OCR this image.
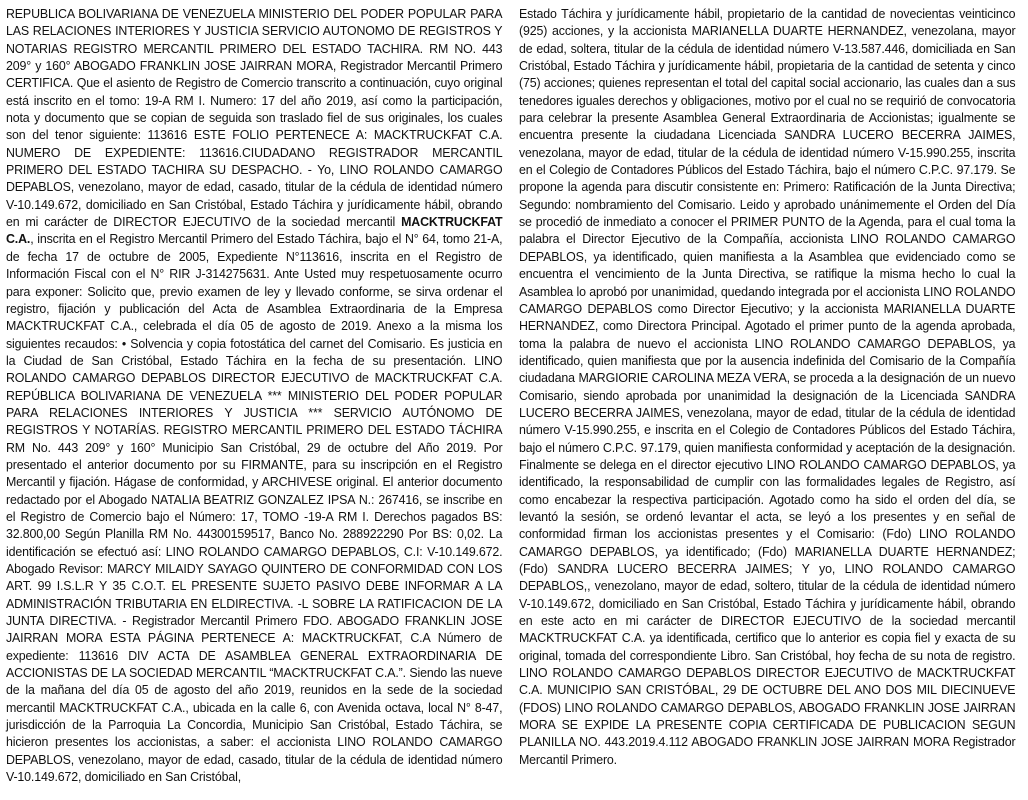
REPUBLICA BOLIVARIANA DE VENEZUELA MINISTERIO DEL PODER POPULAR PARA LAS RELACIONES INTERIORES Y JUSTICIA SERVICIO AUTONOMO DE REGISTROS Y NOTARIAS REGISTRO MERCANTIL PRIMERO DEL ESTADO TACHIRA. RM NO. 443 209° y 160° ABOGADO FRANKLIN JOSE JAIRRAN MORA, Registrador Mercantil Primero CERTIFICA. Que el asiento de Registro de Comercio transcrito a continuación, cuyo original está inscrito en el tomo: 19-A RM I. Numero: 17 del año 2019, así como la participación, nota y documento que se copian de seguida son traslado fiel de sus originales, los cuales son del tenor siguiente: 113616 ESTE FOLIO PERTENECE A: MACKTRUCKFAT C.A. NUMERO DE EXPEDIENTE: 113616.CIUDADANO REGISTRADOR MERCANTIL PRIMERO DEL ESTADO TACHIRA SU DESPACHO. - Yo, LINO ROLANDO CAMARGO DEPABLOS, venezolano, mayor de edad, casado, titular de la cédula de identidad número V-10.149.672, domiciliado en San Cristóbal, Estado Táchira y jurídicamente hábil, obrando en mi carácter de DIRECTOR EJECUTIVO de la sociedad mercantil MACKTRUCKFAT C.A., inscrita en el Registro Mercantil Primero del Estado Táchira, bajo el N° 64, tomo 21-A, de fecha 17 de octubre de 2005, Expediente N°113616, inscrita en el Registro de Información Fiscal con el N° RIR J-314275631. Ante Usted muy respetuosamente ocurro para exponer: Solicito que, previo examen de ley y llevado conforme, se sirva ordenar el registro, fijación y publicación del Acta de Asamblea Extraordinaria de la Empresa MACKTRUCKFAT C.A., celebrada el día 05 de agosto de 2019. Anexo a la misma los siguientes recaudos: • Solvencia y copia fotostática del carnet del Comisario. Es justicia en la Ciudad de San Cristóbal, Estado Táchira en la fecha de su presentación. LINO ROLANDO CAMARGO DEPABLOS DIRECTOR EJECUTIVO de MACKTRUCKFAT C.A. REPÚBLICA BOLIVARIANA DE VENEZUELA *** MINISTERIO DEL PODER POPULAR PARA RELACIONES INTERIORES Y JUSTICIA *** SERVICIO AUTÓNOMO DE REGISTROS Y NOTARÍAS. REGISTRO MERCANTIL PRIMERO DEL ESTADO TÁCHIRA RM No. 443 209° y 160° Municipio San Cristóbal, 29 de octubre del Año 2019. Por presentado el anterior documento por su FIRMANTE, para su inscripción en el Registro Mercantil y fijación. Hágase de conformidad, y ARCHIVESE original. El anterior documento redactado por el Abogado NATALIA BEATRIZ GONZALEZ IPSA N.: 267416, se inscribe en el Registro de Comercio bajo el Número: 17, TOMO -19-A RM I. Derechos pagados BS: 32.800,00 Según Planilla RM No. 44300159517, Banco No. 288922290 Por BS: 0,02. La identificación se efectuó así: LINO ROLANDO CAMARGO DEPABLOS, C.I: V-10.149.672. Abogado Revisor: MARCY MILAIDY SAYAGO QUINTERO DE CONFORMIDAD CON LOS ART. 99 I.S.L.R Y 35 C.O.T. EL PRESENTE SUJETO PASIVO DEBE INFORMAR A LA ADMINISTRACIÓN TRIBUTARIA EN ELDIRECTIVA. -L SOBRE LA RATIFICACION DE LA JUNTA DIRECTIVA. - Registrador Mercantil Primero FDO. ABOGADO FRANKLIN JOSE JAIRRAN MORA ESTA PÁGINA PERTENECE A: MACKTRUCKFAT, C.A Número de expediente: 113616 DIV ACTA DE ASAMBLEA GENERAL EXTRAORDINARIA DE ACCIONISTAS DE LA SOCIEDAD MERCANTIL “MACKTRUCKFAT C.A.”. Siendo las nueve de la mañana del día 05 de agosto del año 2019, reunidos en la sede de la sociedad mercantil MACKTRUCKFAT C.A., ubicada en la calle 6, con Avenida octava, local N° 8-47, jurisdicción de la Parroquia La Concordia, Municipio San Cristóbal, Estado Táchira, se hicieron presentes los accionistas, a saber: el accionista LINO ROLANDO CAMARGO DEPABLOS, venezolano, mayor de edad, casado, titular de la cédula de identidad número V-10.149.672, domiciliado en San Cristóbal,
Estado Táchira y jurídicamente hábil, propietario de la cantidad de novecientas veinticinco (925) acciones, y la accionista MARIANELLA DUARTE HERNANDEZ, venezolana, mayor de edad, soltera, titular de la cédula de identidad número V-13.587.446, domiciliada en San Cristóbal, Estado Táchira y jurídicamente hábil, propietaria de la cantidad de setenta y cinco (75) acciones; quienes representan el total del capital social accionario, las cuales dan a sus tenedores iguales derechos y obligaciones, motivo por el cual no se requirió de convocatoria para celebrar la presente Asamblea General Extraordinaria de Accionistas; igualmente se encuentra presente la ciudadana Licenciada SANDRA LUCERO BECERRA JAIMES, venezolana, mayor de edad, titular de la cédula de identidad número V-15.990.255, inscrita en el Colegio de Contadores Públicos del Estado Táchira, bajo el número C.P.C. 97.179. Se propone la agenda para discutir consistente en: Primero: Ratificación de la Junta Directiva; Segundo: nombramiento del Comisario. Leido y aprobado unánimemente el Orden del Día se procedió de inmediato a conocer el PRIMER PUNTO de la Agenda, para el cual toma la palabra el Director Ejecutivo de la Compañía, accionista LINO ROLANDO CAMARGO DEPABLOS, ya identificado, quien manifiesta a la Asamblea que evidenciado como se encuentra el vencimiento de la Junta Directiva, se ratifique la misma hecho lo cual la Asamblea lo aprobó por unanimidad, quedando integrada por el accionista LINO ROLANDO CAMARGO DEPABLOS como Director Ejecutivo; y la accionista MARIANELLA DUARTE HERNANDEZ, como Directora Principal. Agotado el primer punto de la agenda aprobada, toma la palabra de nuevo el accionista LINO ROLANDO CAMARGO DEPABLOS, ya identificado, quien manifiesta que por la ausencia indefinida del Comisario de la Compañía ciudadana MARGIORIE CAROLINA MEZA VERA, se proceda a la designación de un nuevo Comisario, siendo aprobada por unanimidad la designación de la Licenciada SANDRA LUCERO BECERRA JAIMES, venezolana, mayor de edad, titular de la cédula de identidad número V-15.990.255, e inscrita en el Colegio de Contadores Públicos del Estado Táchira, bajo el número C.P.C. 97.179, quien manifiesta conformidad y aceptación de la designación. Finalmente se delega en el director ejecutivo LINO ROLANDO CAMARGO DEPABLOS, ya identificado, la responsabilidad de cumplir con las formalidades legales de Registro, así como encabezar la respectiva participación. Agotado como ha sido el orden del día, se levantó la sesión, se ordenó levantar el acta, se leyó a los presentes y en señal de conformidad firman los accionistas presentes y el Comisario: (Fdo) LINO ROLANDO CAMARGO DEPABLOS, ya identificado; (Fdo) MARIANELLA DUARTE HERNANDEZ; (Fdo) SANDRA LUCERO BECERRA JAIMES; Y yo, LINO ROLANDO CAMARGO DEPABLOS,, venezolano, mayor de edad, soltero, titular de la cédula de identidad número V-10.149.672, domiciliado en San Cristóbal, Estado Táchira y jurídicamente hábil, obrando en este acto en mi carácter de DIRECTOR EJECUTIVO de la sociedad mercantil MACKTRUCKFAT C.A. ya identificada, certifico que lo anterior es copia fiel y exacta de su original, tomada del correspondiente Libro. San Cristóbal, hoy fecha de su nota de registro. LINO ROLANDO CAMARGO DEPABLOS DIRECTOR EJECUTIVO de MACKTRUCKFAT C.A. MUNICIPIO SAN CRISTÓBAL, 29 DE OCTUBRE DEL ANO DOS MIL DIECINUEVE (FDOS) LINO ROLANDO CAMARGO DEPABLOS, ABOGADO FRANKLIN JOSE JAIRRAN MORA SE EXPIDE LA PRESENTE COPIA CERTIFICADA DE PUBLICACION SEGUN PLANILLA NO. 443.2019.4.112 ABOGADO FRANKLIN JOSE JAIRRAN MORA Registrador Mercantil Primero.
